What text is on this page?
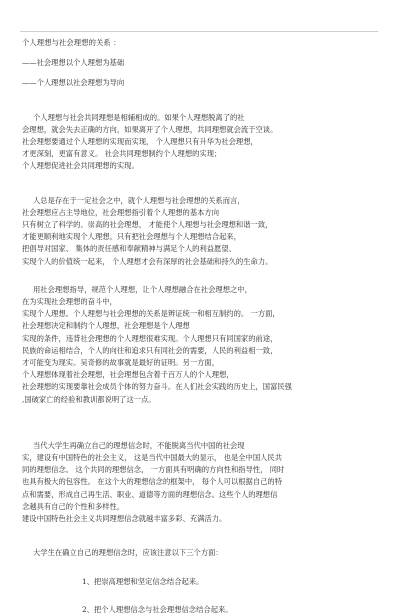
个人理想与社会理想的关系 ：
——社会理想以个人理想为基础
——个人理想以社会理想为导向

个人理想与社会共同理想是相辅相成的。如果个人理想脱离了的社

会理想，就会失去正确的方向，如果离开了个人理想，共同理想就会流于空谈。

社会理想要通过个人理想的实现而实现， 个人理想只有升华为社会理想，

才更深刻，更富有意义。 社会共同理想制约个人理想的实现；

个人理想促进社会共同理想的实现。

人总是存在于一定社会之中，就个人理想与社会理想的关系而言，

社会理想应占主导地位，社会理想指引着个人理想的基本方向

只有树立了科学的、崇高的社会理想， 才能使个人理想与社会理想和谐一致，

才能更顺利地实现个人理想。只有把社会理想与个人理想结合起来，

把倡导对国家、 集体的责任感和奉献精神与满足个人的利益愿望、

实现个人的价值统一起来， 个人理想才会有深厚的社会基础和持久的生命力。

用社会理想指导，规范个人理想，让个人理想融合在社会理想之中，

在为实现社会理想的奋斗中，

实现个人理想。个人理想与社会理想的关系是辨证统一和相互制约的。 一方面，

社会理想决定和制约个人理想，社会理想是个人理想

实现的条件，违背社会理想的个人理想很难实现。个人理想只有同国家的前途，

民族的命运相结合，个人的向往和追求只有同社会的需要，人民的利益相一致，

才可能变为现实。吴奇修的故事就是最好的证明。另一方面，

个人理想体现着社会理想，社会理想包含着千百万人的个人理想，

社会理想的实现要靠社会成员个体的努力奋斗。在人们社会实践的历史上，国富民强

,国破家亡的经验和教训都说明了这一点。

当代大学生再确立自己的理想信念时，不能脱离当代中国的社会现

实，建设有中国特色的社会主义， 这是当代中国最大的显示， 也是全中国人民共

同的理想信念。 这个共同的理想信念， 一方面具有明确的方向性和指导性， 同时

也具有极大的包容性。 在这个大的理想信念的框架中， 每个人可以根据自己的特

点和需要，形成自己再生活、职业、道德等方面的理想信念。这些个人的理想信

念越具有自己的个性和多样性，

建设中国特色社会主义共同理想信念就越丰富多彩、充满活力。

大学生在确立自己的理想信念时，应该注意以下三个方面：
1、把崇高理想和坚定信念结合起来。
2、把个人理想信念与社会理想信念结合起来。
